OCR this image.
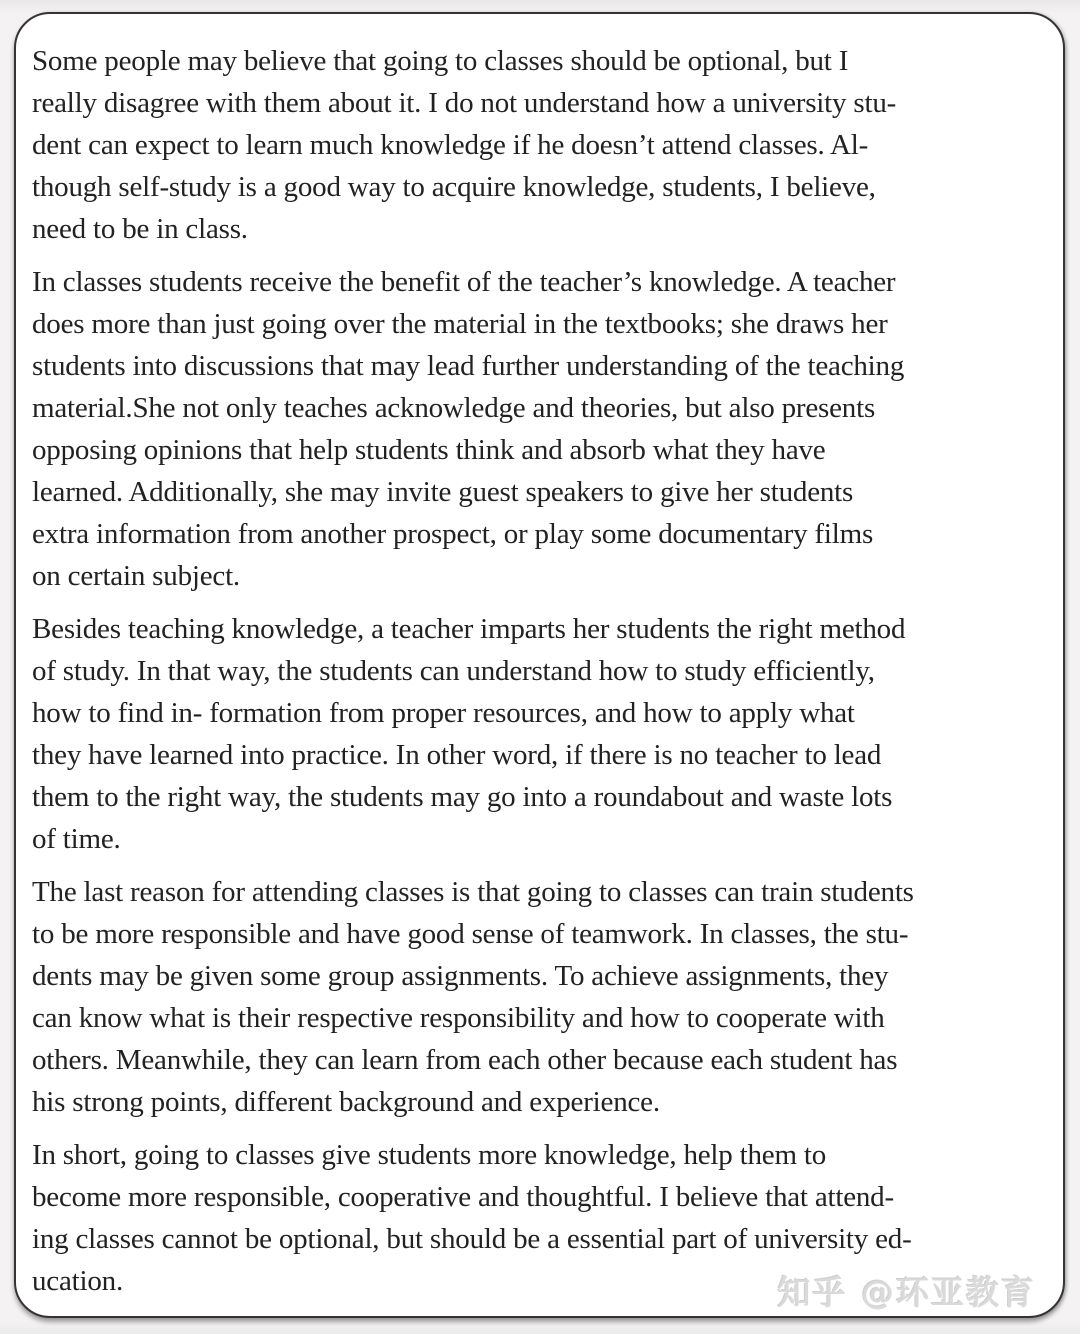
Some people may believe that going to classes should be optional, but I
really disagree with them about it. I do not understand how a university stu-
dent can expect to learn much knowledge if he doesn’t attend classes. Al-
though self-study is a good way to acquire knowledge, students, I believe,
need to be in class.
In classes students receive the benefit of the teacher’s knowledge. A teacher
does more than just going over the material in the textbooks; she draws her
students into discussions that may lead further understanding of the teaching
material.She not only teaches acknowledge and theories, but also presents
opposing opinions that help students think and absorb what they have
learned. Additionally, she may invite guest speakers to give her students
extra information from another prospect, or play some documentary films
on certain subject.
Besides teaching knowledge, a teacher imparts her students the right method
of study. In that way, the students can understand how to study efficiently,
how to find in- formation from proper resources, and how to apply what
they have learned into practice. In other word, if there is no teacher to lead
them to the right way, the students may go into a roundabout and waste lots
of time.
The last reason for attending classes is that going to classes can train students
to be more responsible and have good sense of teamwork. In classes, the stu-
dents may be given some group assignments. To achieve assignments, they
can know what is their respective responsibility and how to cooperate with
others. Meanwhile, they can learn from each other because each student has
his strong points, different background and experience.
In short, going to classes give students more knowledge, help them to
become more responsible, cooperative and thoughtful. I believe that attend-
ing classes cannot be optional, but should be a essential part of university ed-
ucation.	知乎 @环亚教育
